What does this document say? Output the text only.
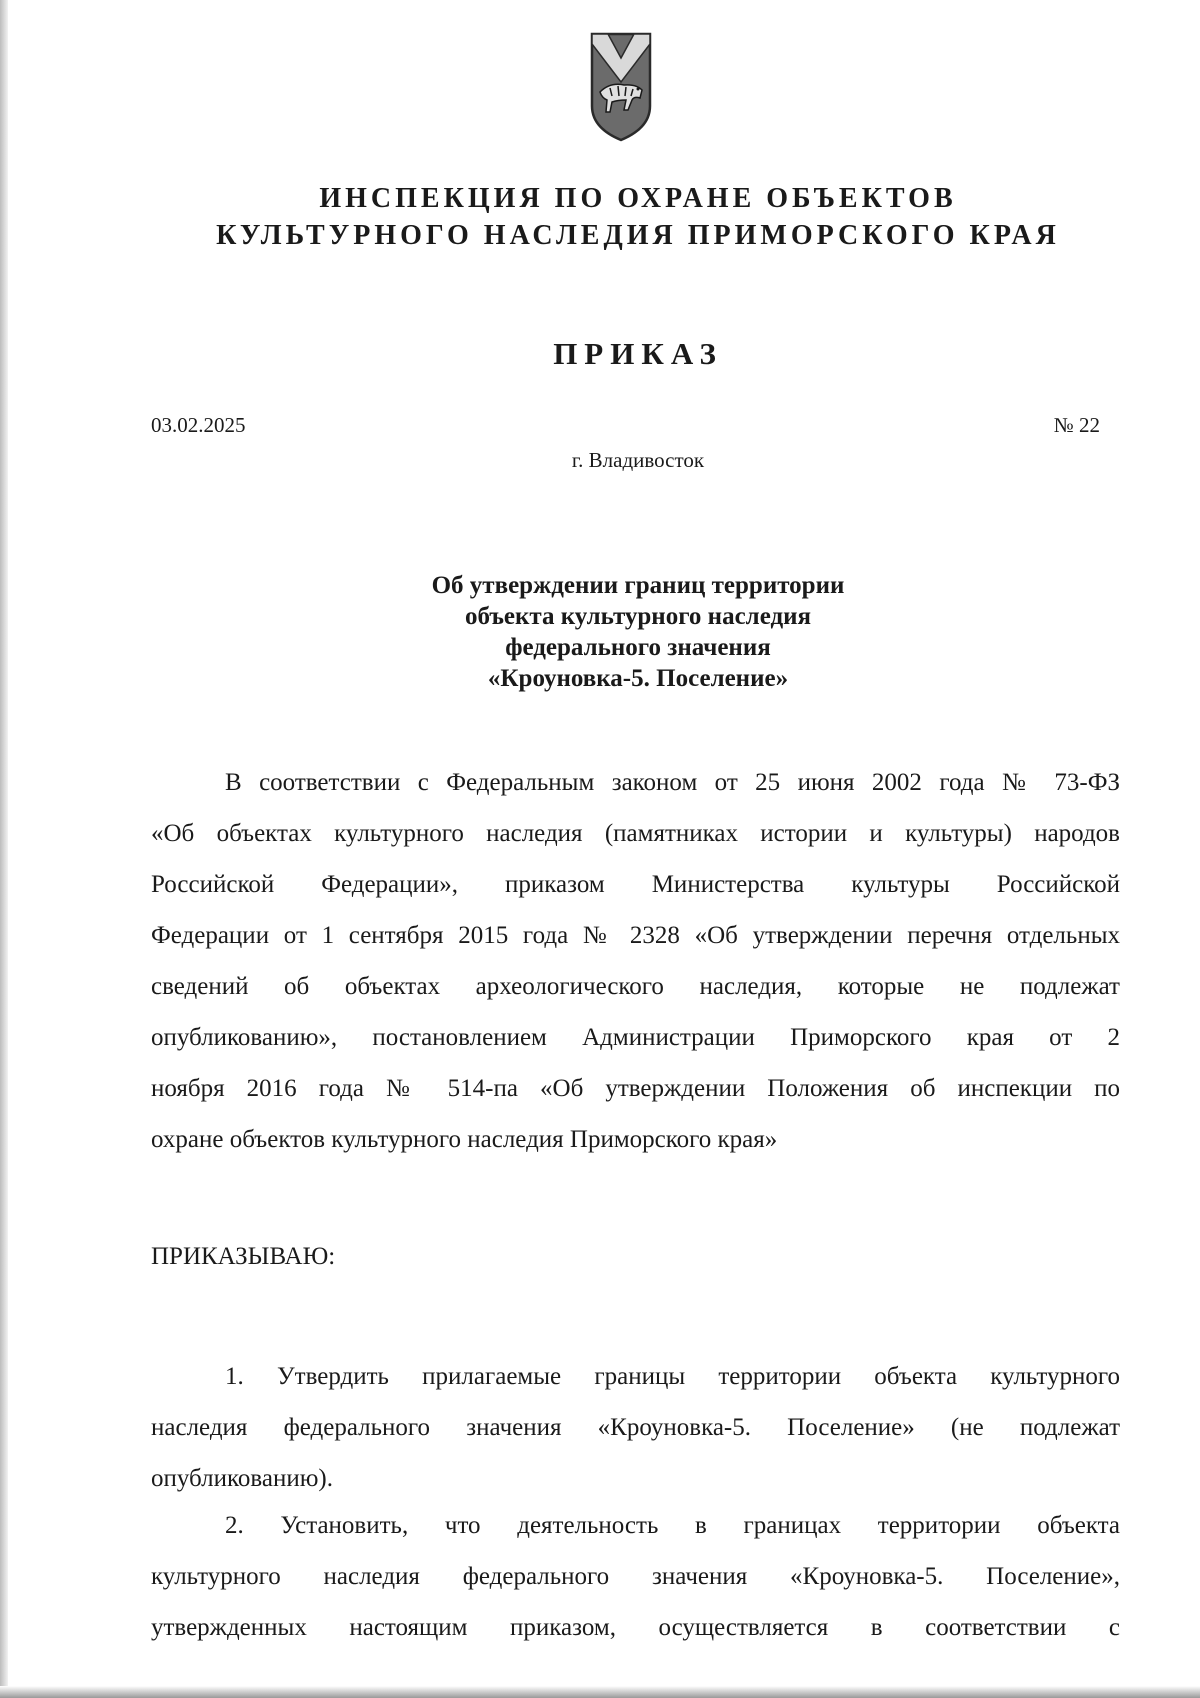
ИНСПЕКЦИЯ ПО ОХРАНЕ ОБЪЕКТОВ
КУЛЬТУРНОГО НАСЛЕДИЯ ПРИМОРСКОГО КРАЯ
ПРИКАЗ
03.02.2025	№ 22
г. Владивосток
Об утверждении границ территории
объекта культурного наследия
федерального значения
«Кроуновка-5. Поселение»
В соответствии с Федеральным законом от 25 июня 2002 года № 73-ФЗ
«Об объектах культурного наследия (памятниках истории и культуры) народов
Российской Федерации», приказом Министерства культуры Российской
Федерации от 1 сентября 2015 года № 2328 «Об утверждении перечня отдельных
сведений об объектах археологического наследия, которые не подлежат
опубликованию», постановлением Администрации Приморского края от 2
ноября 2016 года № 514-па «Об утверждении Положения об инспекции по
охране объектов культурного наследия Приморского края»
ПРИКАЗЫВАЮ:
1. Утвердить прилагаемые границы территории объекта культурного
наследия федерального значения «Кроуновка-5. Поселение» (не подлежат
опубликованию).
2. Установить, что деятельность в границах территории объекта
культурного наследия федерального значения «Кроуновка-5. Поселение»,
утвержденных настоящим приказом, осуществляется в соответствии с
